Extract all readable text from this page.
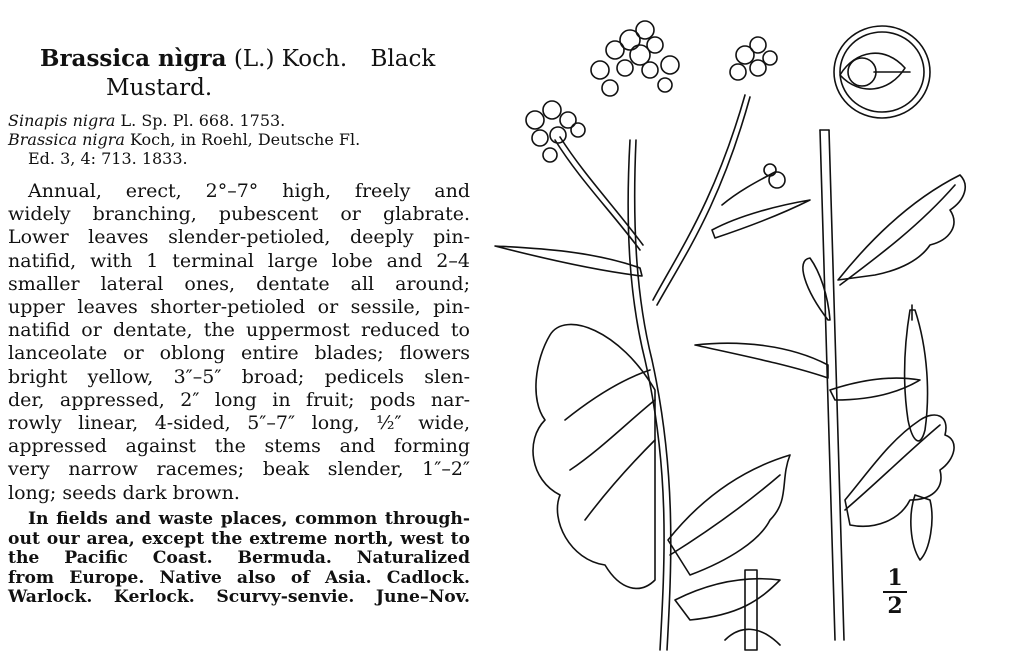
Brassica nìgra (L.) Koch. Black
Mustard.
Sinapis nigra L. Sp. Pl. 668. 1753.
Brassica nigra Koch, in Roehl, Deutsche Fl.
Ed. 3, 4: 713. 1833.
Annual, erect, 2°–7° high, freely and
widely branching, pubescent or glabrate.
Lower leaves slender-petioled, deeply pin-
natifid, with 1 terminal large lobe and 2–4
smaller lateral ones, dentate all around;
upper leaves shorter-petioled or sessile, pin-
natifid or dentate, the uppermost reduced to
lanceolate or oblong entire blades; flowers
bright yellow, 3″–5″ broad; pedicels slen-
der, appressed, 2″ long in fruit; pods nar-
rowly linear, 4-sided, 5″–7″ long, ½″ wide,
appressed against the stems and forming
very narrow racemes; beak slender, 1″–2″
long; seeds dark brown.
In fields and waste places, common through-
out our area, except the extreme north, west to
the Pacific Coast. Bermuda. Naturalized
from Europe. Native also of Asia. Cadlock.
Warlock. Kerlock. Scurvy-senvie. June–Nov.
1
2
